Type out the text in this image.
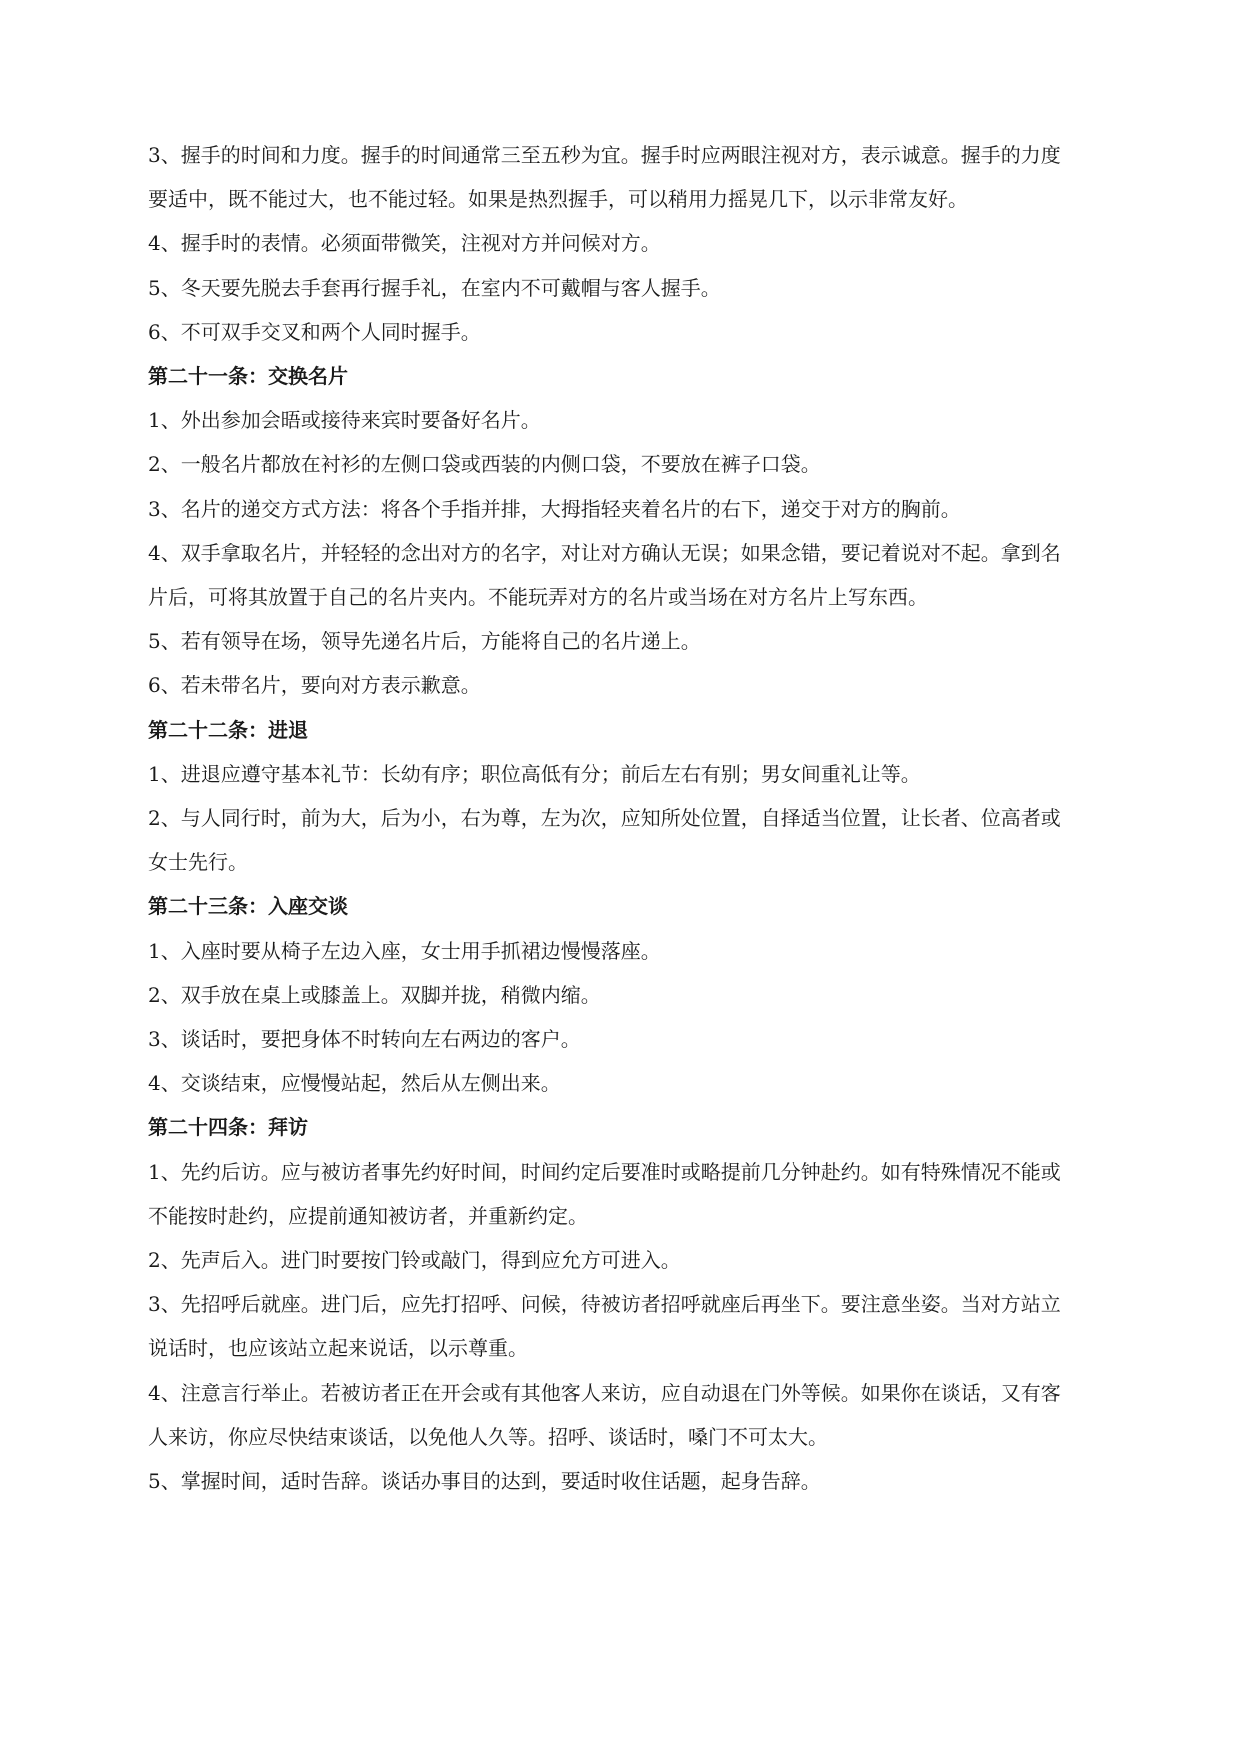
3、握手的时间和力度。握手的时间通常三至五秒为宜。握手时应两眼注视对方，表示诚意。握手的力度
要适中，既不能过大，也不能过轻。如果是热烈握手，可以稍用力摇晃几下，以示非常友好。
4、握手时的表情。必须面带微笑，注视对方并问候对方。
5、冬天要先脱去手套再行握手礼，在室内不可戴帽与客人握手。
6、不可双手交叉和两个人同时握手。
第二十一条：交换名片
1、外出参加会晤或接待来宾时要备好名片。
2、一般名片都放在衬衫的左侧口袋或西装的内侧口袋，不要放在裤子口袋。
3、名片的递交方式方法：将各个手指并排，大拇指轻夹着名片的右下，递交于对方的胸前。
4、双手拿取名片，并轻轻的念出对方的名字，对让对方确认无误；如果念错，要记着说对不起。拿到名
片后，可将其放置于自己的名片夹内。不能玩弄对方的名片或当场在对方名片上写东西。
5、若有领导在场，领导先递名片后，方能将自己的名片递上。
6、若未带名片，要向对方表示歉意。
第二十二条：进退
1、进退应遵守基本礼节：长幼有序；职位高低有分；前后左右有别；男女间重礼让等。
2、与人同行时，前为大，后为小，右为尊，左为次，应知所处位置，自择适当位置，让长者、位高者或
女士先行。
第二十三条：入座交谈
1、入座时要从椅子左边入座，女士用手抓裙边慢慢落座。
2、双手放在桌上或膝盖上。双脚并拢，稍微内缩。
3、谈话时，要把身体不时转向左右两边的客户。
4、交谈结束，应慢慢站起，然后从左侧出来。
第二十四条：拜访
1、先约后访。应与被访者事先约好时间，时间约定后要准时或略提前几分钟赴约。如有特殊情况不能或
不能按时赴约，应提前通知被访者，并重新约定。
2、先声后入。进门时要按门铃或敲门，得到应允方可进入。
3、先招呼后就座。进门后，应先打招呼、问候，待被访者招呼就座后再坐下。要注意坐姿。当对方站立
说话时，也应该站立起来说话，以示尊重。
4、注意言行举止。若被访者正在开会或有其他客人来访，应自动退在门外等候。如果你在谈话，又有客
人来访，你应尽快结束谈话，以免他人久等。招呼、谈话时，嗓门不可太大。
5、掌握时间，适时告辞。谈话办事目的达到，要适时收住话题，起身告辞。
